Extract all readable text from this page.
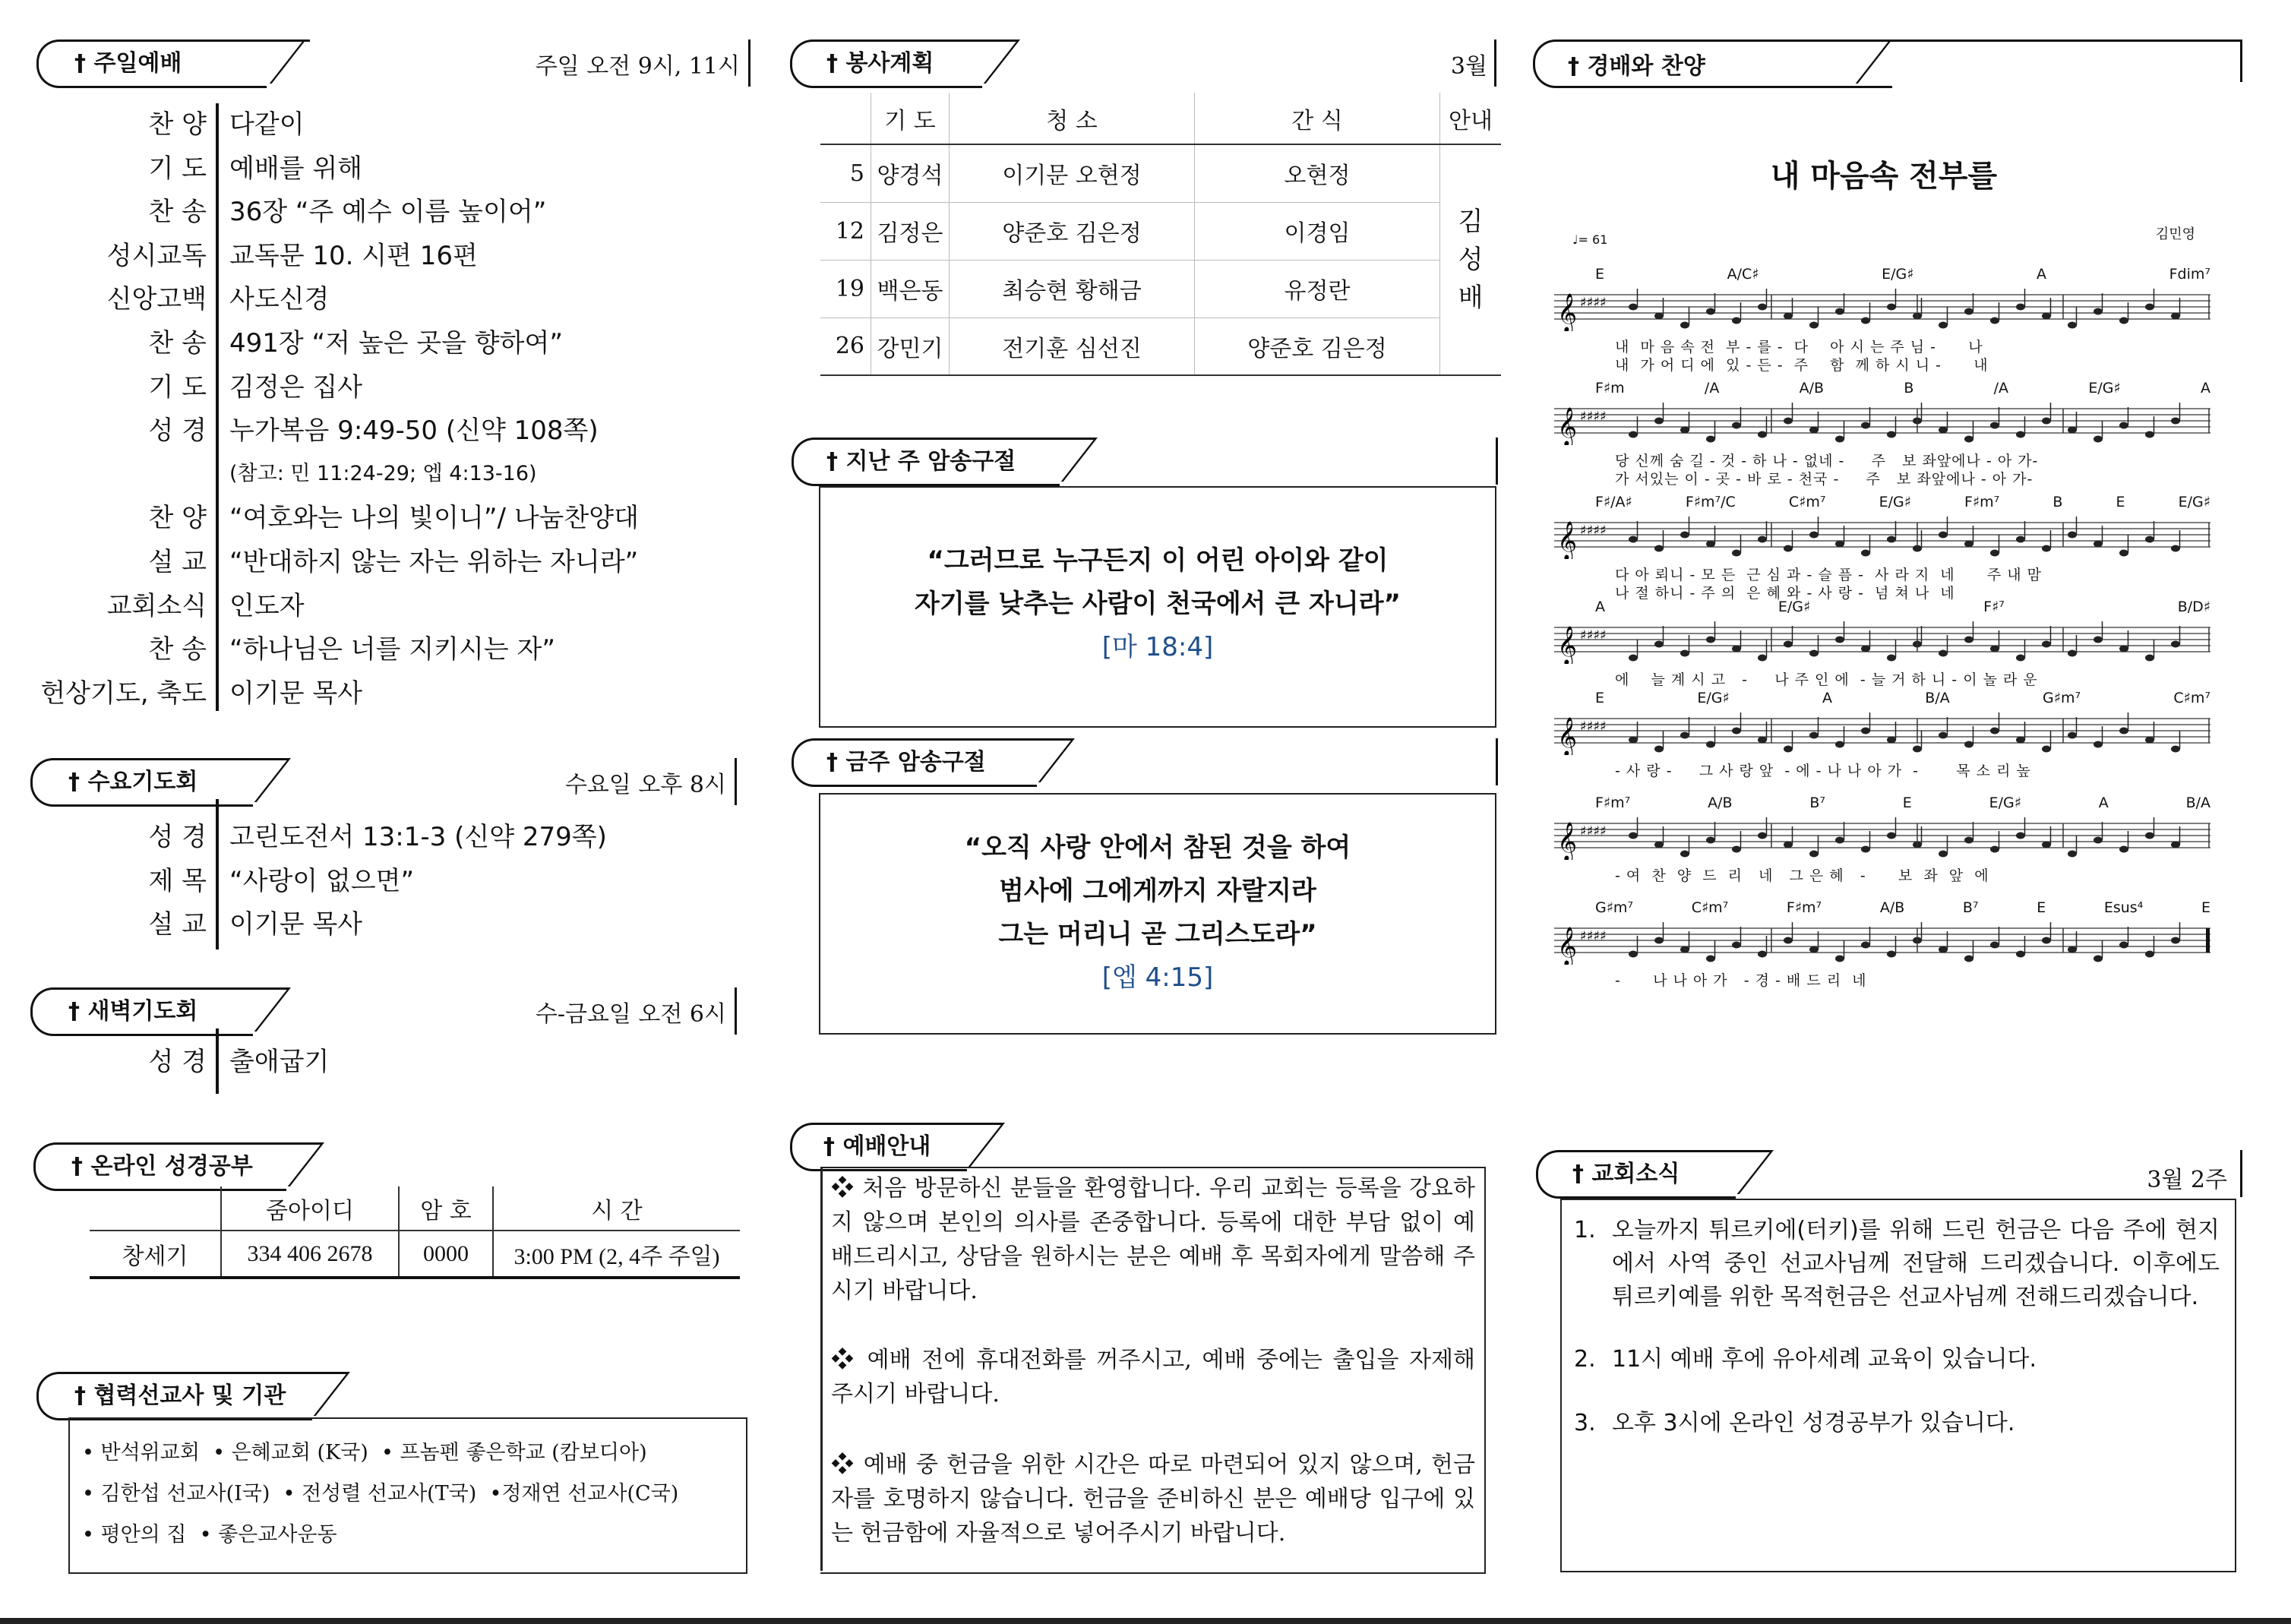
† 주일예배	주일 오전 9시, 11시
찬 양 다같이
기 도 예배를 위해
찬 송 36장 “주 예수 이름 높이어”
성시교독 교독문 10. 시편 16편
신앙고백 사도신경
찬 송 491장 “저 높은 곳을 향하여”
기 도 김정은 집사
성 경 누가복음 9:49-50 (신약 108쪽)
(참고: 민 11:24-29; 엡 4:13-16)
찬 양 “여호와는 나의 빛이니”/ 나눔찬양대
설 교 “반대하지 않는 자는 위하는 자니라”
교회소식 인도자
찬 송 “하나님은 너를 지키시는 자”
헌상기도, 축도 이기문 목사
† 수요기도회	수요일 오후 8시
성 경 고린도전서 13:1-3 (신약 279쪽)
제 목 “사랑이 없으면”
설 교 이기문 목사
† 새벽기도회	수-금요일 오전 6시
성 경 출애굽기
† 온라인 성경공부
	줌아이디	암 호	시 간
창세기	334 406 2678	0000	3:00 PM (2, 4주 주일)
† 협력선교사 및 기관
• 반석위교회  • 은혜교회 (K국)  • 프놈펜 좋은학교 (캄보디아)
• 김한섭 선교사(I국)  • 전성렬 선교사(T국)  •정재연 선교사(C국)
• 평안의 집  • 좋은교사운동
† 봉사계획	3월
	기 도	청 소	간 식	안내
5	양경석	이기문 오현정	오현정	김
성
배

12	김정은	양준호 김은정	이경임	
19	백은동	최승현 황해금	유정란	
26	강민기	전기훈 심선진	양준호 김은정	
† 지난 주 암송구절
“그러므로 누구든지 이 어린 아이와 같이
자기를 낮추는 사람이 천국에서 큰 자니라”
[마 18:4]
† 금주 암송구절
“오직 사랑 안에서 참된 것을 하여
범사에 그에게까지 자랄지라
그는 머리니 곧 그리스도라”
[엡 4:15]
† 예배안내
❖ 처음 방문하신 분들을 환영합니다. 우리 교회는 등록을 강요하지 않으며 본인의 의사를 존중합니다. 등록에 대한 부담 없이 예배드리시고, 상담을 원하시는 분은 예배 후 목회자에게 말씀해 주시기 바랍니다.
❖ 예배 전에 휴대전화를 꺼주시고, 예배 중에는 출입을 자제해 주시기 바랍니다.
❖ 예배 중 헌금을 위한 시간은 따로 마련되어 있지 않으며, 헌금자를 호명하지 않습니다. 헌금을 준비하신 분은 예배당 입구에 있는 헌금함에 자율적으로 넣어주시기 바랍니다.
† 경배와 찬양
내 마음속 전부를
김민영
♩= 61
E	A/C♯	E/G♯	A	Fdim⁷
𝄞 ♯♯♯♯
내  마 음 속 전  부 - 를 -  다    아 시 는 주 님 -      나
내  가 어 디 에  있 - 든 -  주    함  께 하 시 니 -      내
F♯m	/A	A/B	B	/A	E/G♯	A
𝄞 ♯♯♯♯
당 신께 숨 길 - 것 - 하 나 - 없네 -     주   보 좌앞에나 - 아 가-
가 서있는 이 - 곳 - 바 로 - 천국 -     주   보 좌앞에나 - 아 가-
F♯/A♯	F♯m⁷/C	C♯m⁷	E/G♯	F♯m⁷	B	E	E/G♯
𝄞 ♯♯♯♯
다 아 뢰니 - 모 든  근 심 과 - 슬 픔 -  사 라 지  네      주 내 맘
나 절 하니 - 주 의  은 혜 와 - 사 랑 -  넘 쳐 나  네
A	E/G♯	F♯⁷	B/D♯
𝄞 ♯♯♯♯
에    늘 계 시 고   -     나 주 인 에  - 늘 거 하 니 - 이 놀 라 운
E	E/G♯	A	B/A	G♯m⁷	C♯m⁷
𝄞 ♯♯♯♯
- 사 랑 -     그 사 랑 앞  - 에 - 나 나 아 가  -       목 소 리 높
F♯m⁷	A/B	B⁷	E	E/G♯	A	B/A
𝄞 ♯♯♯♯
- 여  찬  양  드  리   네   그 은 혜   -      보  좌  앞  에
G♯m⁷	C♯m⁷	F♯m⁷	A/B	B⁷	E	Esus⁴	E
𝄞 ♯♯♯♯
-      나 나 아 가   - 경 - 배 드 리  네
† 교회소식	3월 2주
1. 오늘까지 튀르키에(터키)를 위해 드린 헌금은 다음 주에 현지에서 사역 중인 선교사님께 전달해 드리겠습니다. 이후에도 튀르키예를 위한 목적헌금은 선교사님께 전해드리겠습니다.
2. 11시 예배 후에 유아세례 교육이 있습니다.
3. 오후 3시에 온라인 성경공부가 있습니다.
